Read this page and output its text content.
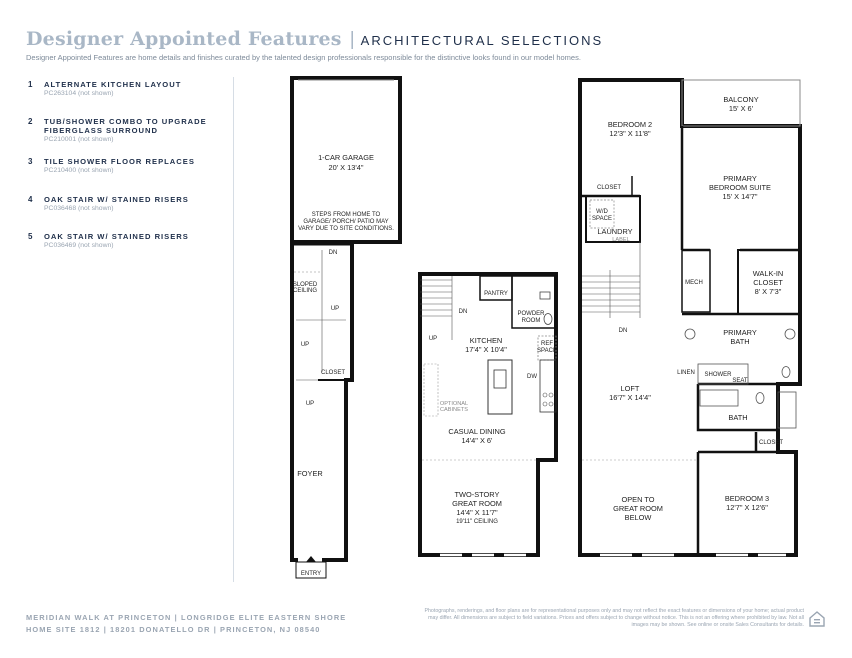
Designer Appointed Features | ARCHITECTURAL SELECTIONS
Designer Appointed Features are home details and finishes curated by the talented design professionals responsible for the distinctive looks found in our model homes.
1 ALTERNATE KITCHEN LAYOUT
PC263104 (not shown)
2 TUB/SHOWER COMBO TO UPGRADE FIBERGLASS SURROUND
PC210001 (not shown)
3 TILE SHOWER FLOOR REPLACES
PC210400 (not shown)
4 OAK STAIR W/ STAINED RISERS
PC036468 (not shown)
5 OAK STAIR W/ STAINED RISERS
PC036469 (not shown)
1-CAR GARAGE
20' X 13'4"
STEPS FROM HOME TO
GARAGE/ PORCH/ PATIO MAY
VARY DUE TO SITE CONDITIONS.
DN
SLOPED
CEILING
UP
UP
CLOSET
UP
FOYER
ENTRY
PANTRY
DN
UP
POWDER
ROOM
KITCHEN
17'4" X 10'4"
REF
SPACE
DW
OPTIONAL
CABINETS
CASUAL DINING
14'4" X 6'
TWO-STORY
GREAT ROOM
14'4" X 11'7"
19'11" CEILING
BEDROOM 2
12'3" X 11'8"
BALCONY
15' X 6'
CLOSET
PRIMARY
BEDROOM SUITE
15' X 14'7"
W/D
SPACE
LAUNDRY
LABEL
MECH
WALK-IN
CLOSET
8' X 7'3"
DN	PRIMARY
BATH
LINEN SHOWER
SEAT
LOFT
16'7" X 14'4"
BATH
CLOSET
OPEN TO
GREAT ROOM
BELOW
BEDROOM 3
12'7" X 12'6"
MERIDIAN WALK AT PRINCETON | LONGRIDGE ELITE EASTERN SHORE
HOME SITE 1812 | 18201 DONATELLO DR | PRINCETON, NJ 08540
Photographs, renderings, and floor plans are for representational purposes only and may not reflect the exact features or dimensions of your home; actual product may differ. All dimensions are subject to field variations. Prices and offers subject to change without notice. This is not an offering where prohibited by law. Not all images may be shown. See online or onsite Sales Consultants for details.
